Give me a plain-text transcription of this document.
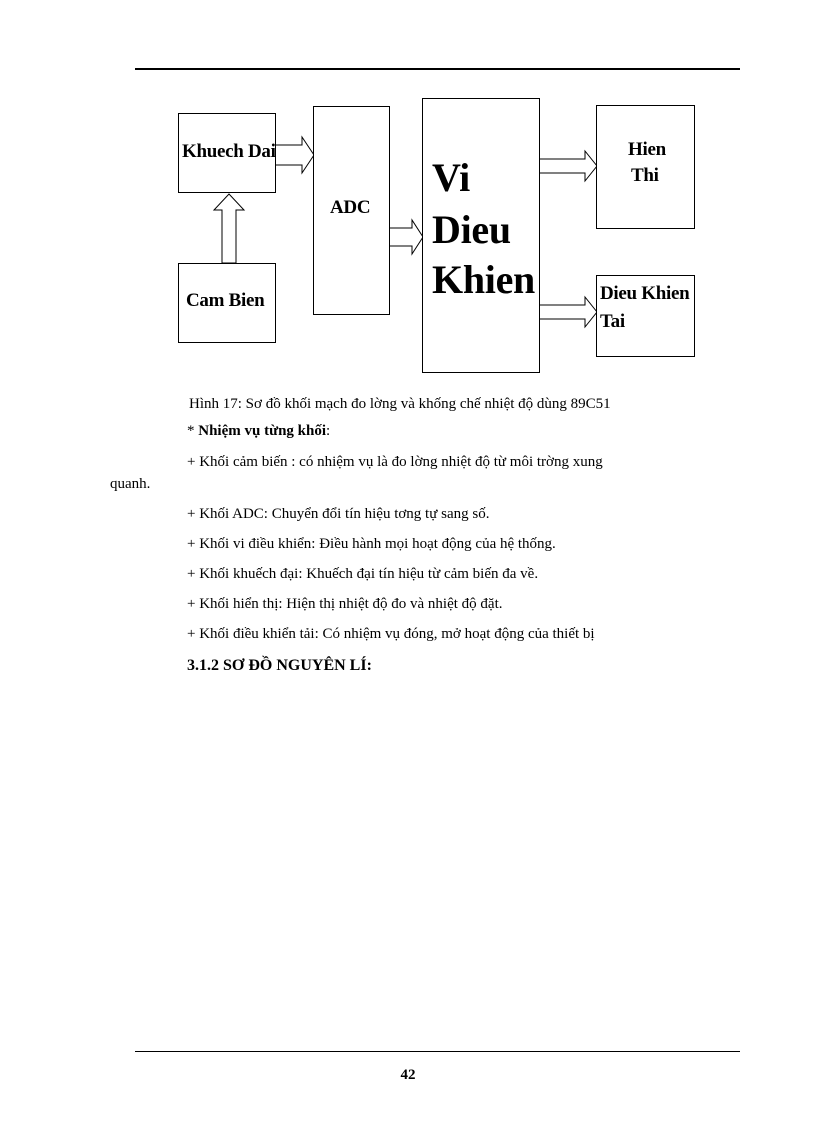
Khuech Dai
Cam Bien
ADC
Vi
Dieu
Khien
Hien
Thi
Dieu Khien
Tai
Hình 17: Sơ đồ khối mạch đo lờng và khống chế nhiệt độ dùng 89C51
* Nhiệm vụ từng khối:
+ Khối cảm biến : có nhiệm vụ là đo lờng nhiệt độ từ môi trờng xung
quanh.
+ Khối ADC: Chuyển đổi tín hiệu tơng tự sang số.
+ Khối vi điều khiển: Điều hành mọi hoạt động của hệ thống.
+ Khối khuếch đại: Khuếch đại tín hiệu từ cảm biến đa về.
+ Khối hiển thị: Hiện thị nhiệt độ đo và nhiệt độ đặt.
+ Khối điều khiển tải: Có nhiệm vụ đóng, mở hoạt động của thiết bị
3.1.2 SƠ ĐỒ NGUYÊN LÍ:
42
